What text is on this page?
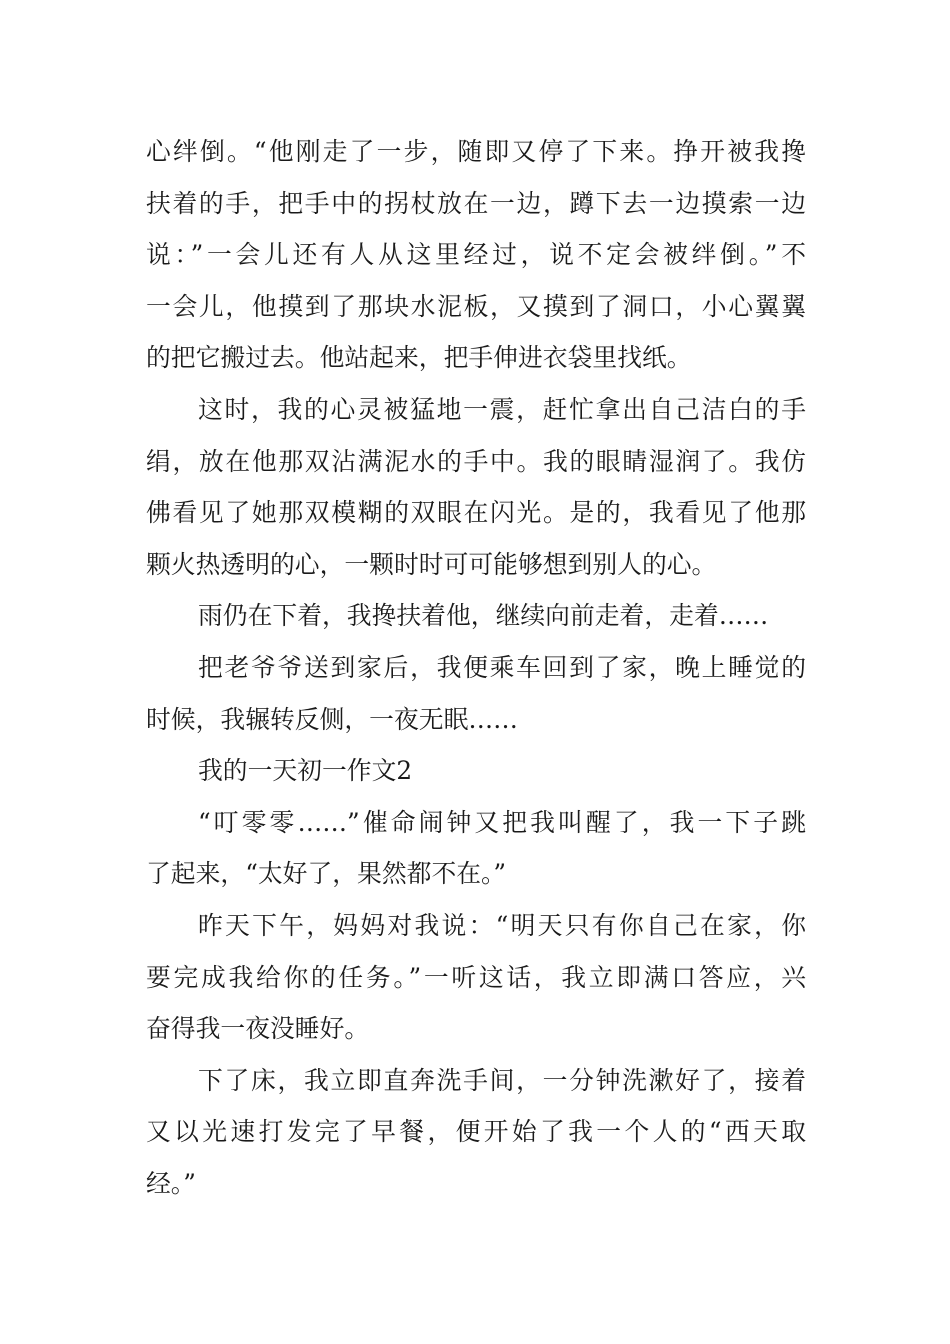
心绊倒。“他刚走了一步，随即又停了下来。挣开被我搀
扶着的手，把手中的拐杖放在一边，蹲下去一边摸索一边
说：”一会儿还有人从这里经过，说不定会被绊倒。”不
一会儿，他摸到了那块水泥板，又摸到了洞口，小心翼翼
的把它搬过去。他站起来，把手伸进衣袋里找纸。
这时，我的心灵被猛地一震，赶忙拿出自己洁白的手
绢，放在他那双沾满泥水的手中。我的眼睛湿润了。我仿
佛看见了她那双模糊的双眼在闪光。是的，我看见了他那
颗火热透明的心，一颗时时可可能够想到别人的心。
雨仍在下着，我搀扶着他，继续向前走着，走着……
把老爷爷送到家后，我便乘车回到了家，晚上睡觉的
时候，我辗转反侧，一夜无眠……
我的一天初一作文2
“叮零零……”催命闹钟又把我叫醒了，我一下子跳
了起来，“太好了，果然都不在。”
昨天下午，妈妈对我说：“明天只有你自己在家，你
要完成我给你的任务。”一听这话，我立即满口答应，兴
奋得我一夜没睡好。
下了床，我立即直奔洗手间，一分钟洗漱好了，接着
又以光速打发完了早餐，便开始了我一个人的“西天取
经。”
